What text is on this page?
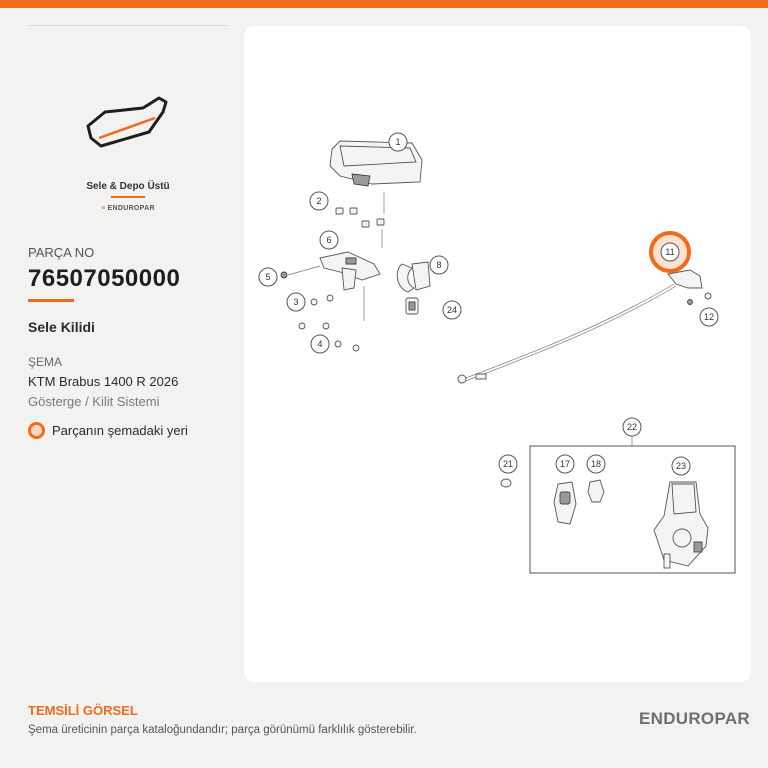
Sele & Depo Üstü
≡ ENDUROPAR
PARÇA NO
76507050000
Sele Kilidi
ŞEMA
KTM Brabus 1400 R 2026
Gösterge / Kilit Sistemi
Parçanın şemadaki yeri
1
2
6
5
8
3
24
4
12
22
21	17 18	23
11
TEMSİLİ GÖRSEL
Şema üreticinin parça kataloğundandır; parça görünümü farklılık gösterebilir.
ENDUROPAR
